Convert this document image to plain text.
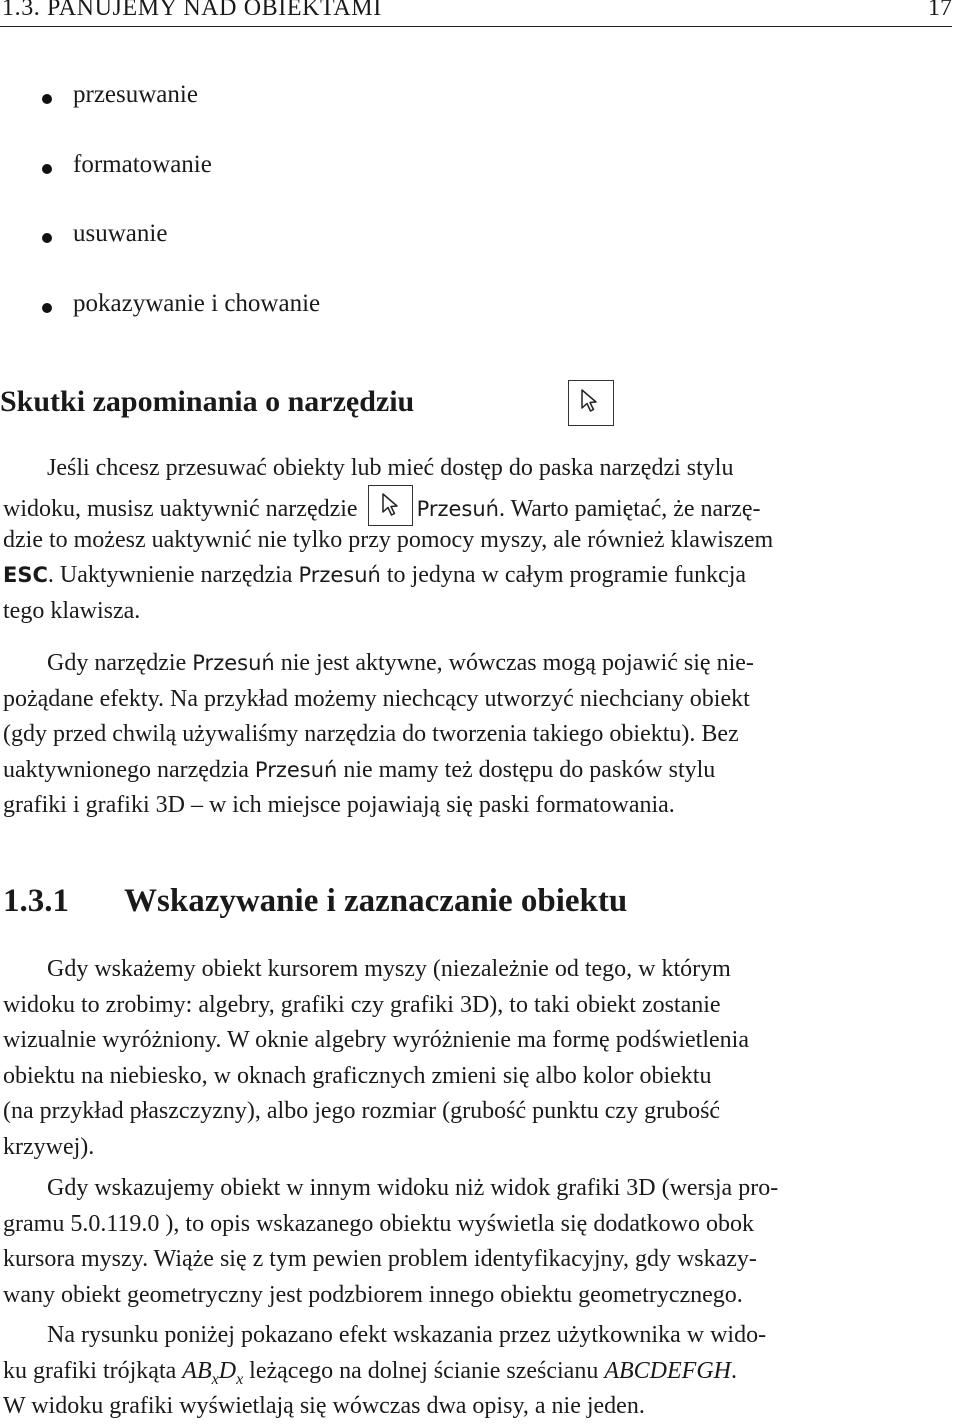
1.3. PANUJEMY NAD OBIEKTAMI	17
przesuwanie
formatowanie
usuwanie
pokazywanie i chowanie
Skutki zapominania o narzędziu
Jeśli chcesz przesuwać obiekty lub mieć dostęp do paska narzędzi stylu
widoku, musisz uaktywnić narzędzie	Przesuń. Warto pamiętać, że narzę-
dzie to możesz uaktywnić nie tylko przy pomocy myszy, ale również klawiszem
ESC. Uaktywnienie narzędzia Przesuń to jedyna w całym programie funkcja
tego klawisza.
Gdy narzędzie Przesuń nie jest aktywne, wówczas mogą pojawić się nie-
pożądane efekty. Na przykład możemy niechcący utworzyć niechciany obiekt
(gdy przed chwilą używaliśmy narzędzia do tworzenia takiego obiektu). Bez
uaktywnionego narzędzia Przesuń nie mamy też dostępu do pasków stylu
grafiki i grafiki 3D – w ich miejsce pojawiają się paski formatowania.
1.3.1 Wskazywanie i zaznaczanie obiektu
Gdy wskażemy obiekt kursorem myszy (niezależnie od tego, w którym
widoku to zrobimy: algebry, grafiki czy grafiki 3D), to taki obiekt zostanie
wizualnie wyróżniony. W oknie algebry wyróżnienie ma formę podświetlenia
obiektu na niebiesko, w oknach graficznych zmieni się albo kolor obiektu
(na przykład płaszczyzny), albo jego rozmiar (grubość punktu czy grubość
krzywej).
Gdy wskazujemy obiekt w innym widoku niż widok grafiki 3D (wersja pro-
gramu 5.0.119.0 ), to opis wskazanego obiektu wyświetla się dodatkowo obok
kursora myszy. Wiąże się z tym pewien problem identyfikacyjny, gdy wskazy-
wany obiekt geometryczny jest podzbiorem innego obiektu geometrycznego.
Na rysunku poniżej pokazano efekt wskazania przez użytkownika w wido-
ku grafiki trójkąta $AB_xD_x$ leżącego na dolnej ścianie sześcianu ABCDEFGH.
W widoku grafiki wyświetlają się wówczas dwa opisy, a nie jeden.
